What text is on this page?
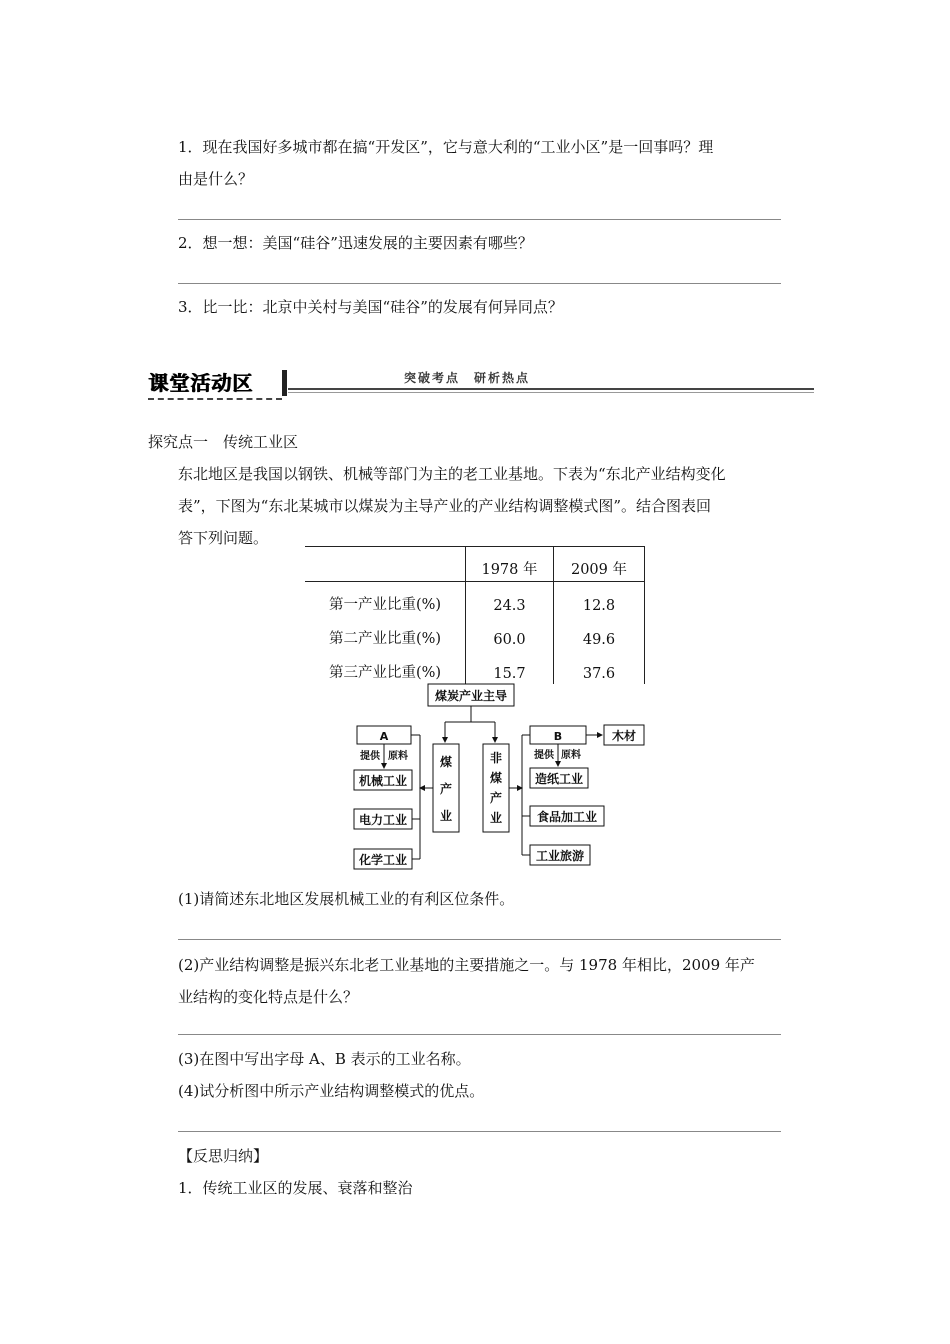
1．现在我国好多城市都在搞“开发区”，它与意大利的“工业小区”是一回事吗？理
由是什么？
2．想一想：美国“硅谷”迅速发展的主要因素有哪些？
3．比一比：北京中关村与美国“硅谷”的发展有何异同点？
课堂活动区	突破考点　研析热点
探究点一　传统工业区
东北地区是我国以钢铁、机械等部门为主的老工业基地。下表为“东北产业结构变化
表”，下图为“东北某城市以煤炭为主导产业的产业结构调整模式图”。结合图表回
答下列问题。
	1978 年	2009 年
第一产业比重(%)	24.3	12.8
第二产业比重(%)	60.0	49.6
第三产业比重(%)	15.7	37.6
煤炭产业主导
煤
产
业
非
煤
产
业
A
提供 原料
机械工业
电力工业
化学工业
B
提供 原料
木材
造纸工业
食品加工业
工业旅游
(1)请简述东北地区发展机械工业的有利区位条件。
(2)产业结构调整是振兴东北老工业基地的主要措施之一。与 1978 年相比，2009 年产
业结构的变化特点是什么？
(3)在图中写出字母 A、B 表示的工业名称。
(4)试分析图中所示产业结构调整模式的优点。
【反思归纳】
1．传统工业区的发展、衰落和整治
